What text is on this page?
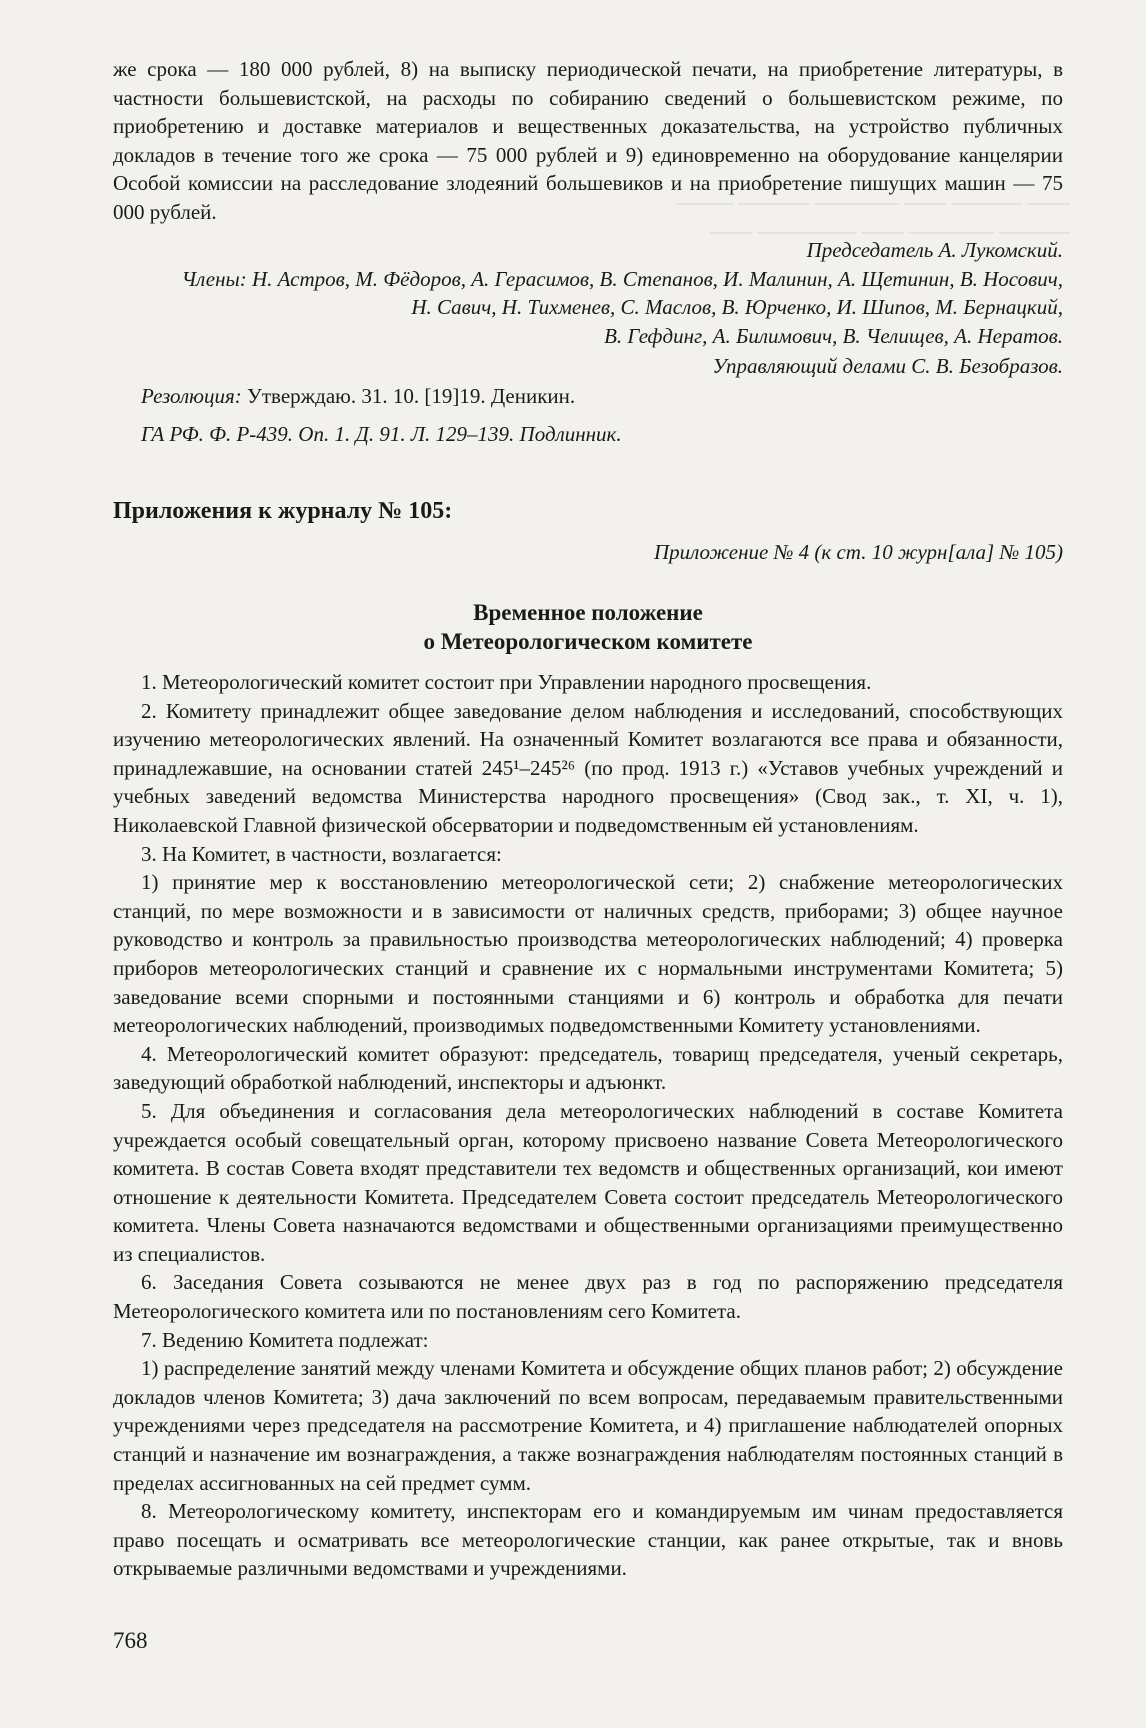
─── ───── ─── ────── ───── ────
───── ────── ─── ─────── ───

же срока — 180 000 рублей, 8) на выписку периодической печати, на приобретение литературы, в частности большевистской, на расходы по собиранию сведений о большевистском режиме, по приобретению и доставке материалов и вещественных доказательства, на устройство публичных докладов в течение того же срока — 75 000 рублей и 9) единовременно на оборудование канцелярии Особой комиссии на расследование злодеяний большевиков и на приобретение пишущих машин — 75 000 рублей.

Председатель А. Лукомский.

Члены: Н. Астров, М. Фёдоров, А. Герасимов, В. Степанов, И. Малинин, А. Щетинин, В. Носович,

Н. Савич, Н. Тихменев, С. Маслов, В. Юрченко, И. Шипов, М. Бернацкий,

В. Гефдинг, А. Билимович, В. Челищев, А. Нератов.

Управляющий делами С. В. Безобразов.

Резолюция: Утверждаю. 31. 10. [19]19. Деникин.

ГА РФ. Ф. Р-439. Оп. 1. Д. 91. Л. 129–139. Подлинник.

Приложения к журналу № 105:

Приложение № 4 (к ст. 10 журн[ала] № 105)

Временное положение
о Метеорологическом комитете

1. Метеорологический комитет состоит при Управлении народного просвещения.

2. Комитету принадлежит общее заведование делом наблюдения и исследований, способствующих изучению метеорологических явлений. На означенный Комитет возлагаются все права и обязанности, принадлежавшие, на основании статей 245¹–245²⁶ (по прод. 1913 г.) «Уставов учебных учреждений и учебных заведений ведомства Министерства народного просвещения» (Свод зак., т. XI, ч. 1), Николаевской Главной физической обсерватории и подведомственным ей установлениям.

3. На Комитет, в частности, возлагается:

1) принятие мер к восстановлению метеорологической сети; 2) снабжение метеорологических станций, по мере возможности и в зависимости от наличных средств, приборами; 3) общее научное руководство и контроль за правильностью производства метеорологических наблюдений; 4) проверка приборов метеорологических станций и сравнение их с нормальными инструментами Комитета; 5) заведование всеми спорными и постоянными станциями и 6) контроль и обработка для печати метеорологических наблюдений, производимых подведомственными Комитету установлениями.

4. Метеорологический комитет образуют: председатель, товарищ председателя, ученый секретарь, заведующий обработкой наблюдений, инспекторы и адъюнкт.

5. Для объединения и согласования дела метеорологических наблюдений в составе Комитета учреждается особый совещательный орган, которому присвоено название Совета Метеорологического комитета. В состав Совета входят представители тех ведомств и общественных организаций, кои имеют отношение к деятельности Комитета. Председателем Совета состоит председатель Метеорологического комитета. Члены Совета назначаются ведомствами и общественными организациями преимущественно из специалистов.

6. Заседания Совета созываются не менее двух раз в год по распоряжению председателя Метеорологического комитета или по постановлениям сего Комитета.

7. Ведению Комитета подлежат:

1) распределение занятий между членами Комитета и обсуждение общих планов работ; 2) обсуждение докладов членов Комитета; 3) дача заключений по всем вопросам, передаваемым правительственными учреждениями через председателя на рассмотрение Комитета, и 4) приглашение наблюдателей опорных станций и назначение им вознаграждения, а также вознаграждения наблюдателям постоянных станций в пределах ассигнованных на сей предмет сумм.

8. Метеорологическому комитету, инспекторам его и командируемым им чинам предоставляется право посещать и осматривать все метеорологические станции, как ранее открытые, так и вновь открываемые различными ведомствами и учреждениями.

768
